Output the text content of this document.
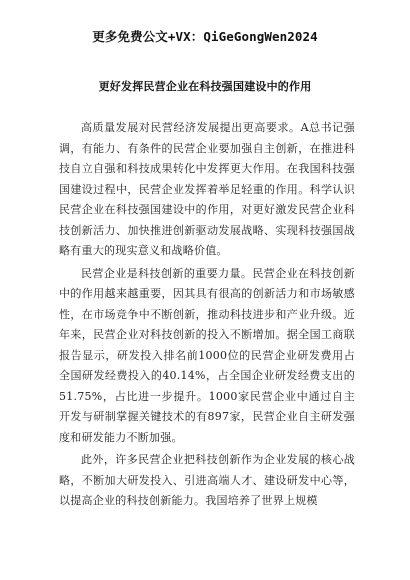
更多免费公文+VX：QiGeGongWen2024
更好发挥民营企业在科技强国建设中的作用

高质量发展对民营经济发展提出更高要求。A总书记强调，有能力、有条件的民营企业要加强自主创新，在推进科技自立自强和科技成果转化中发挥更大作用。在我国科技强国建设过程中，民营企业发挥着举足轻重的作用。科学认识民营企业在科技强国建设中的作用，对更好激发民营企业科技创新活力、加快推进创新驱动发展战略、实现科技强国战略有重大的现实意义和战略价值。

民营企业是科技创新的重要力量。民营企业在科技创新中的作用越来越重要，因其具有很高的创新活力和市场敏感性，在市场竞争中不断创新，推动科技进步和产业升级。近年来，民营企业对科技创新的投入不断增加。据全国工商联报告显示，研发投入排名前1000位的民营企业研发费用占全国研发经费投入的40.14%，占全国企业研发经费支出的51.75%，占比进一步提升。1000家民营企业中通过自主开发与研制掌握关键技术的有897家，民营企业自主研发强度和研发能力不断加强。

此外，许多民营企业把科技创新作为企业发展的核心战略，不断加大研发投入、引进高端人才、建设研发中心等，以提高企业的科技创新能力。我国培养了世界上规模
